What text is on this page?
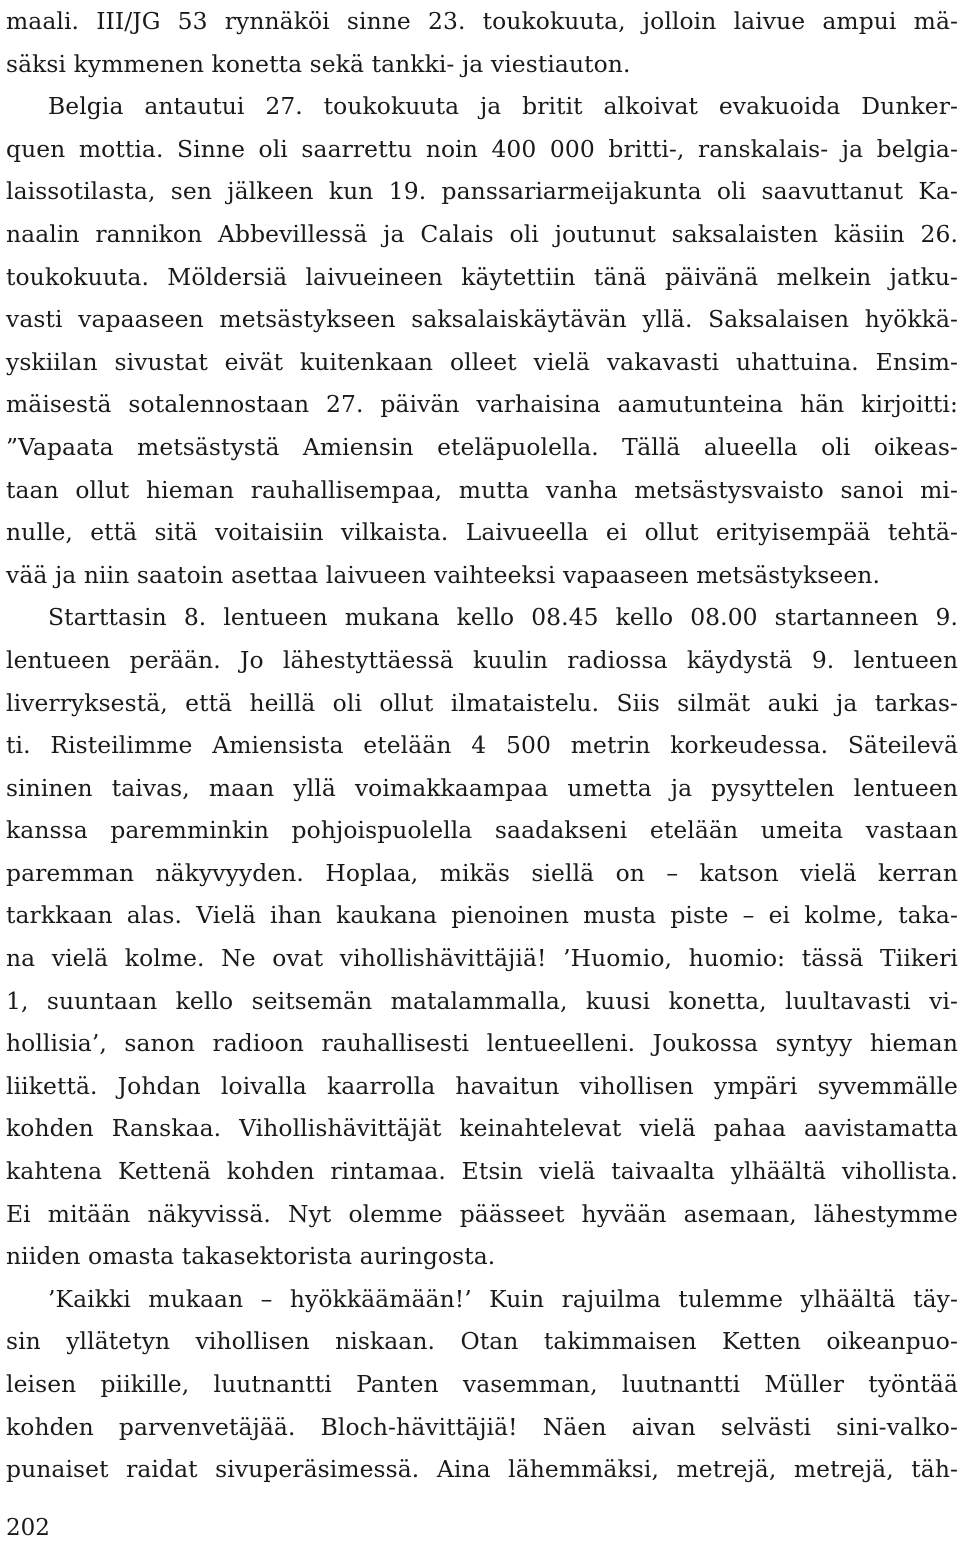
maali. III/JG 53 rynnäköi sinne 23. toukokuuta, jolloin laivue ampui mä-
säksi kymmenen konetta sekä tankki- ja viestiauton.
Belgia antautui 27. toukokuuta ja britit alkoivat evakuoida Dunker-
quen mottia. Sinne oli saarrettu noin 400 000 britti-, ranskalais- ja belgia-
laissotilasta, sen jälkeen kun 19. panssariarmeijakunta oli saavuttanut Ka-
naalin rannikon Abbevillessä ja Calais oli joutunut saksalaisten käsiin 26.
toukokuuta. Möldersiä laivueineen käytettiin tänä päivänä melkein jatku-
vasti vapaaseen metsästykseen saksalaiskäytävän yllä. Saksalaisen hyökkä-
yskiilan sivustat eivät kuitenkaan olleet vielä vakavasti uhattuina. Ensim-
mäisestä sotalennostaan 27. päivän varhaisina aamutunteina hän kirjoitti:
”Vapaata metsästystä Amiensin eteläpuolella. Tällä alueella oli oikeas-
taan ollut hieman rauhallisempaa, mutta vanha metsästysvaisto sanoi mi-
nulle, että sitä voitaisiin vilkaista. Laivueella ei ollut erityisempää tehtä-
vää ja niin saatoin asettaa laivueen vaihteeksi vapaaseen metsästykseen.
Starttasin 8. lentueen mukana kello 08.45 kello 08.00 startanneen 9.
lentueen perään. Jo lähestyttäessä kuulin radiossa käydystä 9. lentueen
liverryksestä, että heillä oli ollut ilmataistelu. Siis silmät auki ja tarkas-
ti. Risteilimme Amiensista etelään 4 500 metrin korkeudessa. Säteilevä
sininen taivas, maan yllä voimakkaampaa umetta ja pysyttelen lentueen
kanssa paremminkin pohjoispuolella saadakseni etelään umeita vastaan
paremman näkyvyyden. Hoplaa, mikäs siellä on – katson vielä kerran
tarkkaan alas. Vielä ihan kaukana pienoinen musta piste – ei kolme, taka-
na vielä kolme. Ne ovat vihollishävittäjiä! ’Huomio, huomio: tässä Tiikeri
1, suuntaan kello seitsemän matalammalla, kuusi konetta, luultavasti vi-
hollisia’, sanon radioon rauhallisesti lentueelleni. Joukossa syntyy hieman
liikettä. Johdan loivalla kaarrolla havaitun vihollisen ympäri syvemmälle
kohden Ranskaa. Vihollishävittäjät keinahtelevat vielä pahaa aavistamatta
kahtena Kettenä kohden rintamaa. Etsin vielä taivaalta ylhäältä vihollista.
Ei mitään näkyvissä. Nyt olemme päässeet hyvään asemaan, lähestymme
niiden omasta takasektorista auringosta.
’Kaikki mukaan – hyökkäämään!’ Kuin rajuilma tulemme ylhäältä täy-
sin yllätetyn vihollisen niskaan. Otan takimmaisen Ketten oikeanpuo-
leisen piikille, luutnantti Panten vasemman, luutnantti Müller työntää
kohden parvenvetäjää. Bloch-hävittäjiä! Näen aivan selvästi sini-valko-
punaiset raidat sivuperäsimessä. Aina lähemmäksi, metrejä, metrejä, täh-
202
